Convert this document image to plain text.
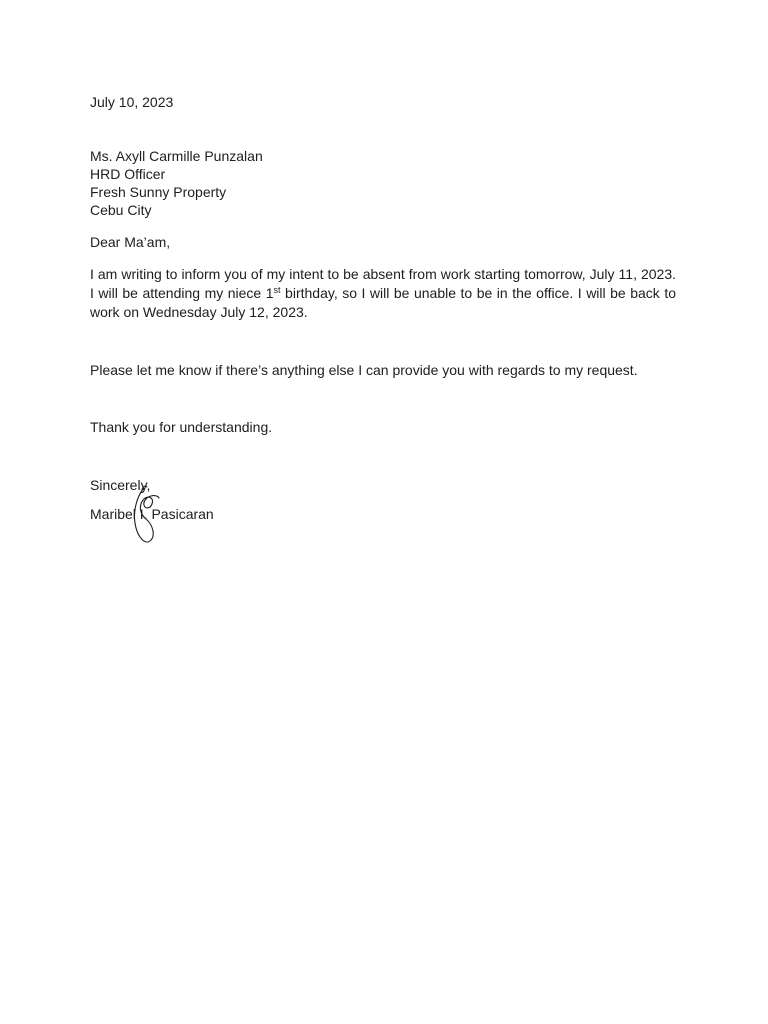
July 10, 2023
Ms. Axyll Carmille Punzalan
HRD Officer
Fresh Sunny Property
Cebu City
Dear Ma’am,

I am writing to inform you of my intent to be absent from work starting tomorrow, July 11, 2023. I will be attending my niece 1st birthday, so I will be unable to be in the office. I will be back to work on Wednesday July 12, 2023.

Please let me know if there’s anything else I can provide you with regards to my request.

Thank you for understanding.

Sincerely,
Maribel I. Pasicaran
